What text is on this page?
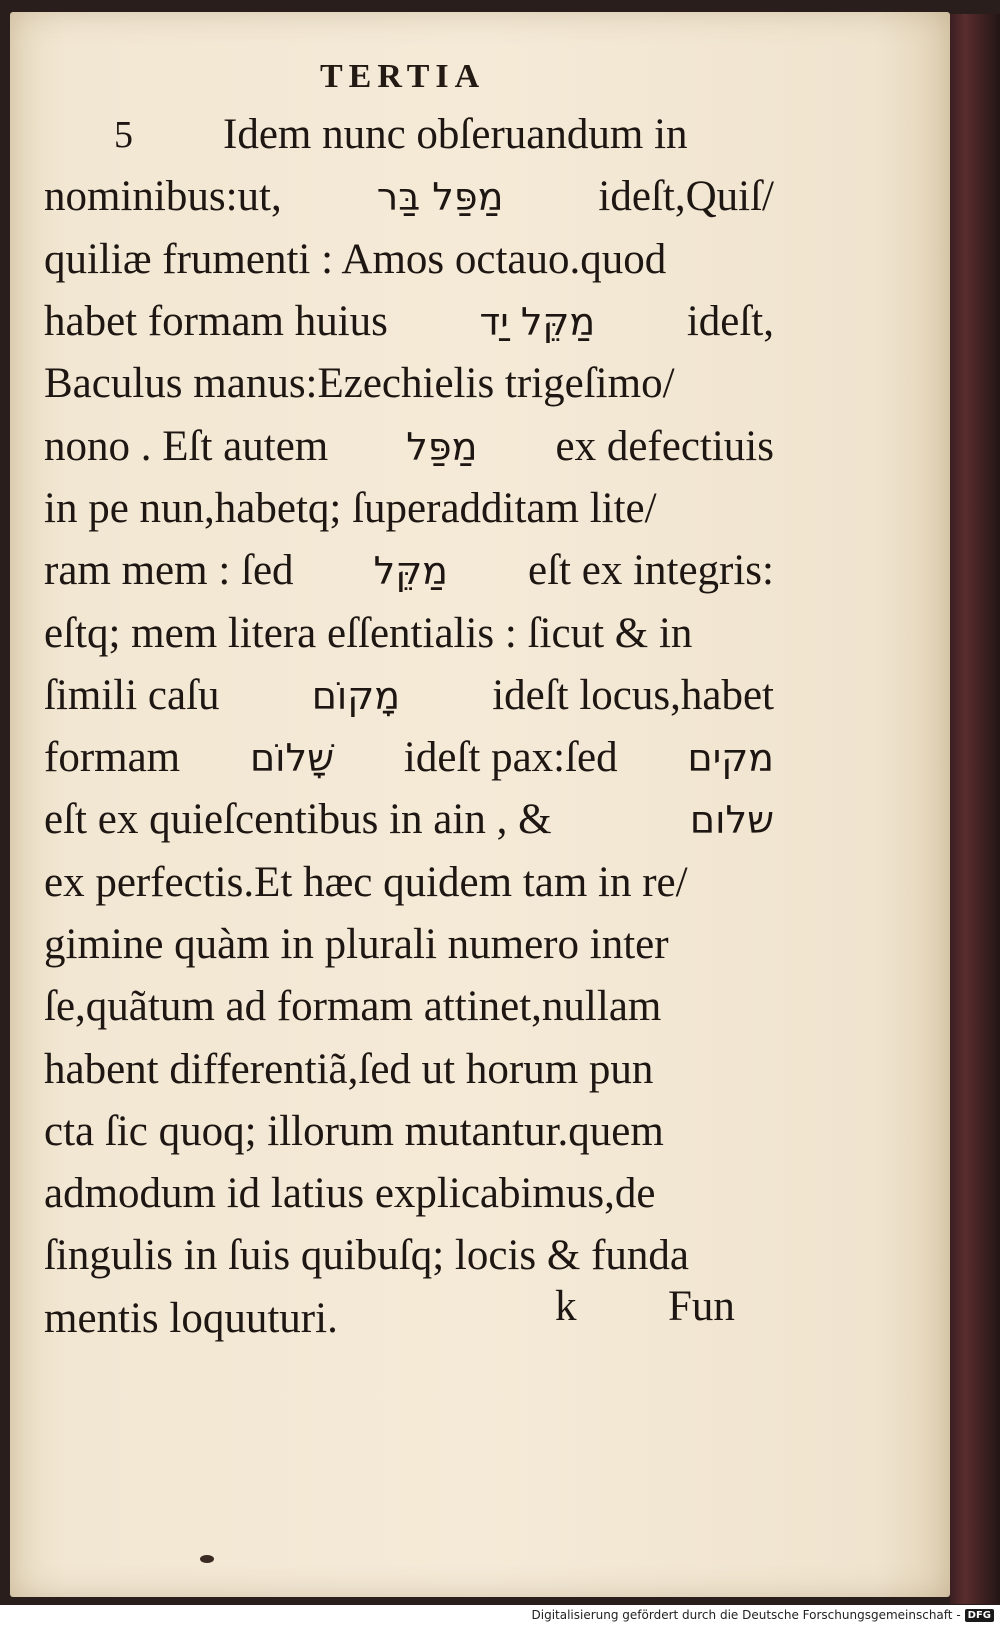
TERTIA
5 Idem nunc obſeruandum in
nominibus:ut,	מַפַּל בַּר ideſt,Quiſ/
quiliæ frumenti : Amos octauo.quod
habet formam huius מַקֵּל יַד ideſt,
Baculus manus:Ezechielis trigeſimo/
nono . Eſt autem מַפַּל ex defectiuis
in pe nun,habetq; ſuperadditam lite/
ram mem : ſed מַקֵּל eſt ex integris:
eſtq; mem litera eſſentialis : ſicut & in
ſimili caſu מָקוֹם ideſt locus,habet
formam שָׁלוֹם ideſt pax:ſed מקים
eſt ex quieſcentibus in ain , &	שלום
ex perfectis.Et hæc quidem tam in re/
gimine quàm in plurali numero inter
ſe,quãtum ad formam attinet,nullam
habent differentiã,ſed ut horum pun
cta ſic quoq; illorum mutantur.quem
admodum id latius explicabimus,de
ſingulis in ſuis quibuſq; locis & funda
mentis loquuturi.	k Fun
Digitalisierung gefördert durch die Deutsche Forschungsgemeinschaft - DFG
